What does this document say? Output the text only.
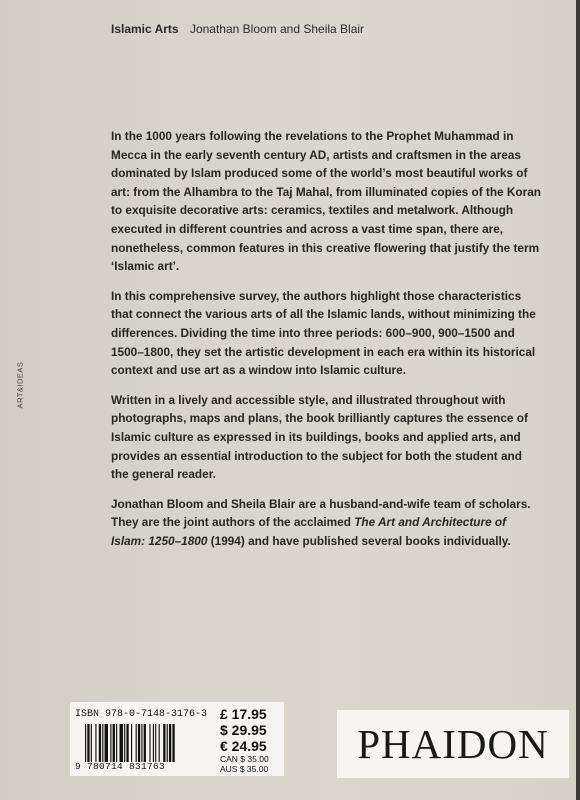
Islamic Arts Jonathan Bloom and Sheila Blair
ART&IDEAS

In the 1000 years following the revelations to the Prophet Muhammad in Mecca in the early seventh century AD, artists and craftsmen in the areas dominated by Islam produced some of the world’s most beautiful works of art: from the Alhambra to the Taj Mahal, from illuminated copies of the Koran to exquisite decorative arts: ceramics, textiles and metalwork. Although executed in different countries and across a vast time span, there are, nonetheless, common features in this creative flowering that justify the term ‘Islamic art’.

In this comprehensive survey, the authors highlight those characteristics that connect the various arts of all the Islamic lands, without minimizing the differences. Dividing the time into three periods: 600–900, 900–1500 and 1500–1800, they set the artistic development in each era within its historical context and use art as a window into Islamic culture.

Written in a lively and accessible style, and illustrated throughout with photographs, maps and plans, the book brilliantly captures the essence of Islamic culture as expressed in its buildings, books and applied arts, and provides an essential introduction to the subject for both the student and the general reader.

Jonathan Bloom and Sheila Blair are a husband-and-wife team of scholars. They are the joint authors of the acclaimed The Art and Architecture of Islam: 1250–1800 (1994) and have published several books individually.

ISBN 978-0-7148-3176-3
9 780714 831763
£ 17.95
$ 29.95
€ 24.95
CAN $ 35.00
AUS $ 35.00
PHAIDON
